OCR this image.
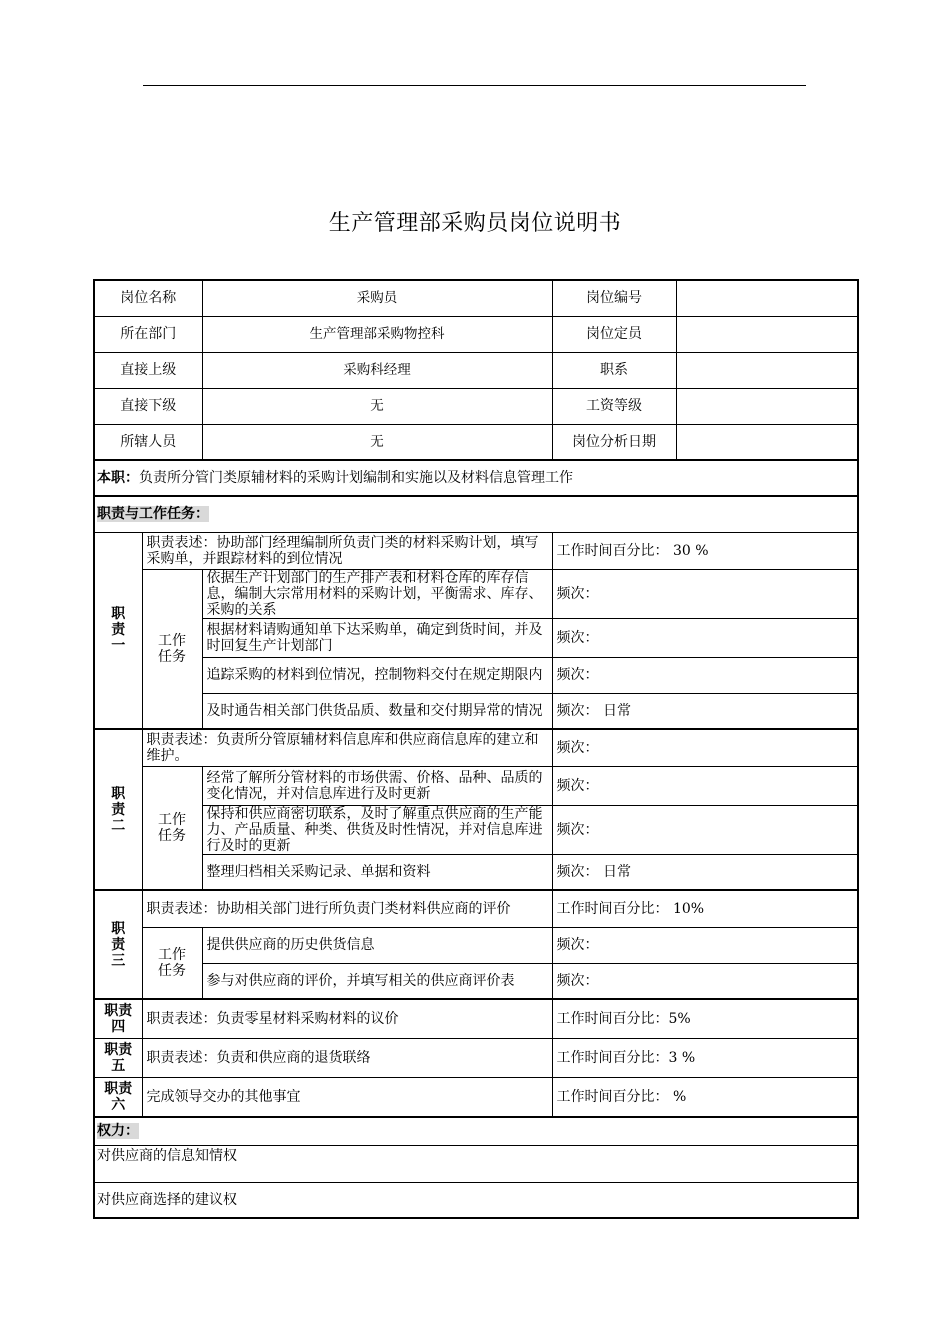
生产管理部采购员岗位说明书
岗位名称		采购员	岗位编号	
所在部门		生产管理部采购物控科	岗位定员	
直接上级		采购科经理	职系	
直接下级		无	工资等级	
所辖人员		无	岗位分析日期	
本职：负责所分管门类原辅材料的采购计划编制和实施以及材料信息管理工作				
职责与工作任务：				

职
责
一	职责表述：协助部门经理编制所负责门类的材料采购计划，填写采购单，并跟踪材料的到位情况		工作时间百分比： 30 %	

	工作
任务	依据生产计划部门的生产排产表和材料仓库的库存信息，编制大宗常用材料的采购计划，平衡需求、库存、采购的关系	频次：	
		根据材料请购通知单下达采购单，确定到货时间，并及时回复生产计划部门	频次：	
		追踪采购的材料到位情况，控制物料交付在规定期限内	频次：	
		及时通告相关部门供货品质、数量和交付期异常的情况	频次： 日常	

职
责
二	职责表述：负责所分管原辅材料信息库和供应商信息库的建立和维护。		频次：	

	工作
任务	经常了解所分管材料的市场供需、价格、品种、品质的变化情况，并对信息库进行及时更新	频次：	
		保持和供应商密切联系，及时了解重点供应商的生产能力、产品质量、种类、供货及时性情况，并对信息库进行及时的更新	频次：	
		整理归档相关采购记录、单据和资料	频次： 日常	

职
责
三	职责表述：协助相关部门进行所负责门类材料供应商的评价		工作时间百分比： 10%	

	工作
任务	提供供应商的历史供货信息	频次：	
		参与对供应商的评价，并填写相关的供应商评价表	频次：	

职责
四	职责表述：负责零星材料采购材料的议价		工作时间百分比：5%	

职责
五	职责表述：负责和供应商的退货联络		工作时间百分比：3 %	

职责
六	完成领导交办的其他事宜		工作时间百分比： %	
权力：				
对供应商的信息知情权				
对供应商选择的建议权				
